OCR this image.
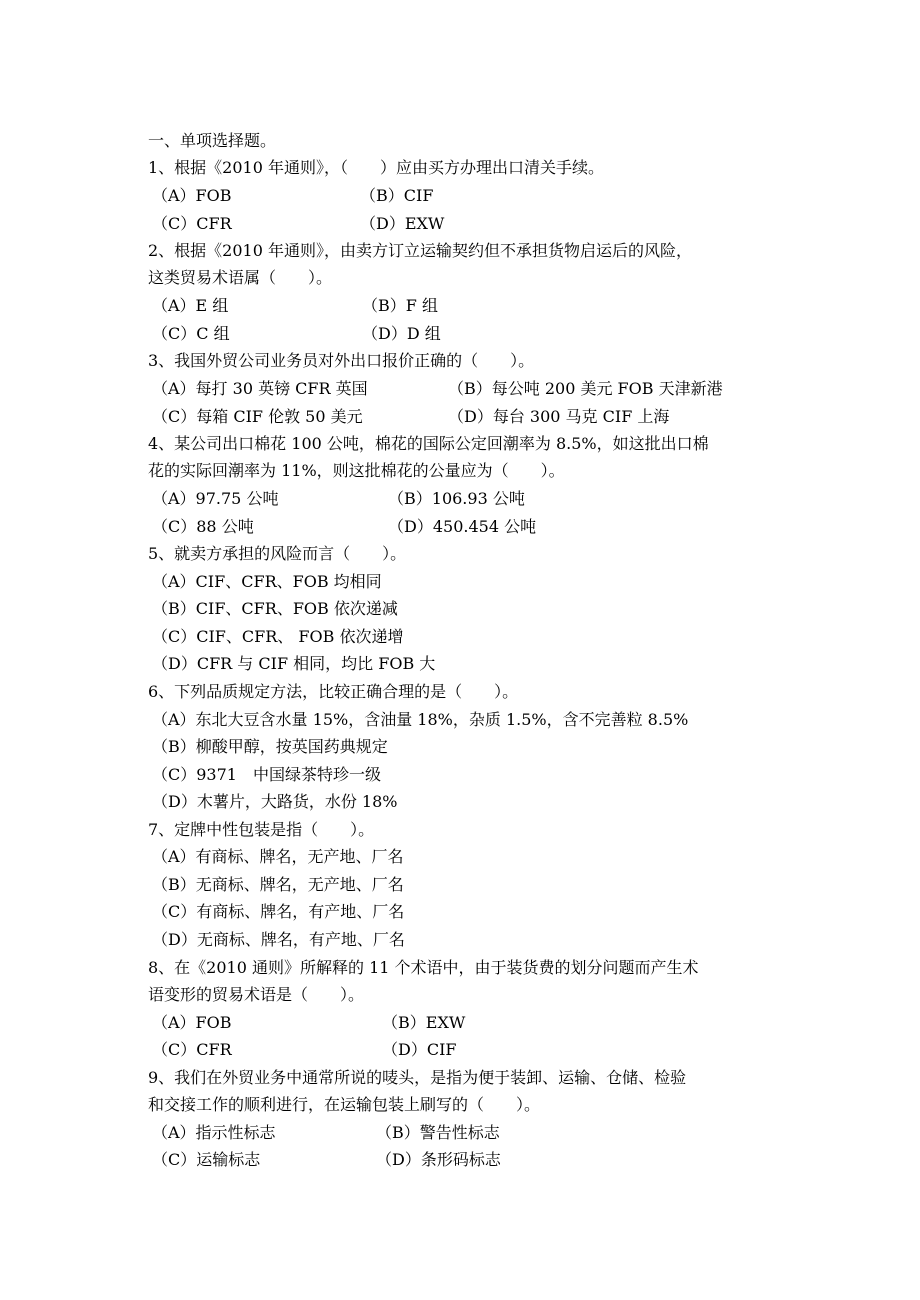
一、单项选择题。
1、根据《2010 年通则》，（　　）应由买方办理出口清关手续。
（A）FOB	（B）CIF
（C）CFR	（D）EXW
2、根据《2010 年通则》，由卖方订立运输契约但不承担货物启运后的风险，
这类贸易术语属（　　）。
（A）E 组	（B）F 组
（C）C 组	（D）D 组
3、我国外贸公司业务员对外出口报价正确的（　　）。
（A）每打 30 英镑 CFR 英国	（B）每公吨 200 美元 FOB 天津新港
（C）每箱 CIF 伦敦 50 美元	（D）每台 300 马克 CIF 上海
4、某公司出口棉花 100 公吨，棉花的国际公定回潮率为 8.5%，如这批出口棉
花的实际回潮率为 11%，则这批棉花的公量应为（　　）。
（A）97.75 公吨	（B）106.93 公吨
（C）88 公吨	（D）450.454 公吨
5、就卖方承担的风险而言（　　）。
（A）CIF、CFR、FOB 均相同
（B）CIF、CFR、FOB 依次递减
（C）CIF、CFR、 FOB 依次递增
（D）CFR 与 CIF 相同，均比 FOB 大
6、下列品质规定方法，比较正确合理的是（　　）。
（A）东北大豆含水量 15%，含油量 18%，杂质 1.5%，含不完善粒 8.5%
（B）柳酸甲醇，按英国药典规定
（C）9371　中国绿茶特珍一级
（D）木薯片，大路货，水份 18%
7、定牌中性包装是指（　　）。
（A）有商标、牌名，无产地、厂名
（B）无商标、牌名，无产地、厂名
（C）有商标、牌名，有产地、厂名
（D）无商标、牌名，有产地、厂名
8、在《2010 通则》所解释的 11 个术语中，由于装货费的划分问题而产生术
语变形的贸易术语是（　　）。
（A）FOB	（B）EXW
（C）CFR	（D）CIF
9、我们在外贸业务中通常所说的唛头，是指为便于装卸、运输、仓储、检验
和交接工作的顺利进行，在运输包装上刷写的（　　）。
（A）指示性标志	（B）警告性标志
（C）运输标志	（D）条形码标志
